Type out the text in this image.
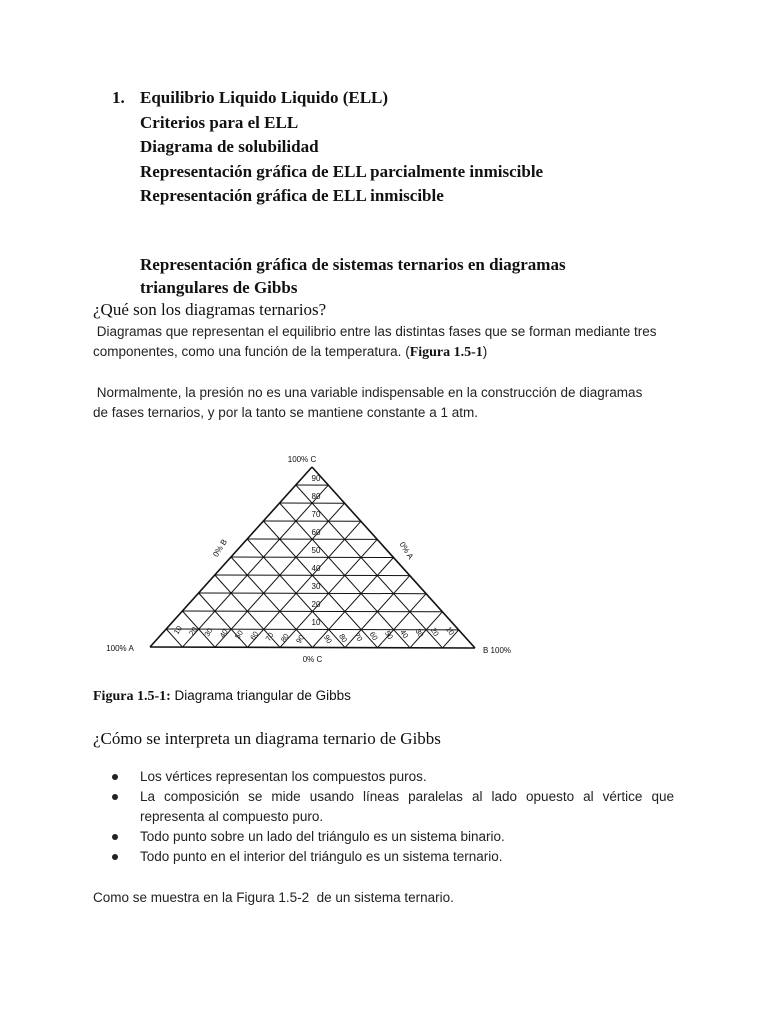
1. Equilibrio Liquido Liquido (ELL)
Criterios para el ELL
Diagrama de solubilidad
Representación gráfica de ELL parcialmente inmiscible
Representación gráfica de ELL inmiscible
Representación gráfica de sistemas ternarios en diagramas
triangulares de Gibbs
¿Qué son los diagramas ternarios?
Diagramas que representan el equilibrio entre las distintas fases que se forman mediante tres
componentes, como una función de la temperatura. (Figura 1.5-1)
Normalmente, la presión no es una variable indispensable en la construcción de diagramas
de fases ternarios, y por la tanto se mantiene constante a 1 atm.
90
80
70
60
50
40
30
20
10
10 20 30 40 50 60 70 80 90
10
20
30
40
50
60
70
80
90
100% C
100% A	B 100%
0% C
0% B	0% A
Figura 1.5-1: Diagrama triangular de Gibbs
¿Cómo se interpreta un diagrama ternario de Gibbs
Los vértices representan los compuestos puros.
La composición se mide usando líneas paralelas al lado opuesto al vértice que representa al compuesto puro.
Todo punto sobre un lado del triángulo es un sistema binario.
Todo punto en el interior del triángulo es un sistema ternario.
Como se muestra en la Figura 1.5-2  de un sistema ternario.
